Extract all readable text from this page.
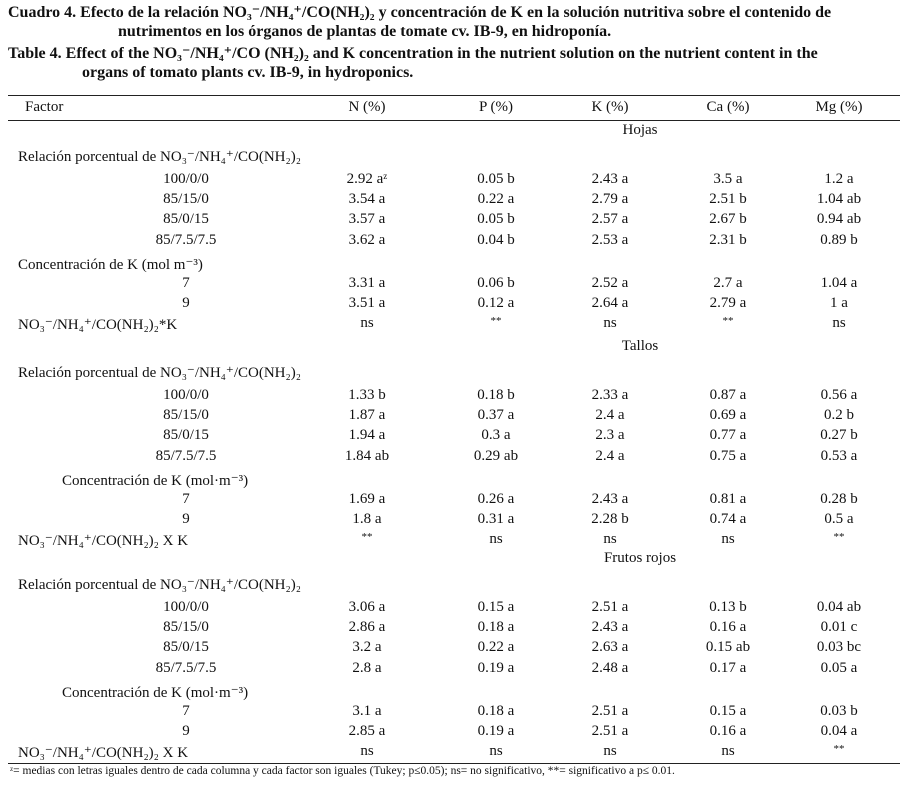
Cuadro 4. Efecto de la relación NO₃⁻/NH₄⁺/CO(NH₂)₂ y concentración de K en la solución nutritiva sobre el contenido de
nutrimentos en los órganos de plantas de tomate cv. IB-9, en hidroponía.
Table 4. Effect of the NO₃⁻/NH₄⁺/CO (NH₂)₂ and K concentration in the nutrient solution on the nutrient content in the
organs of tomato plants cv. IB-9, in hydroponics.
Factor	N (%)	P (%)	K (%)	Ca (%)	Mg (%)
Hojas
Relación porcentual de NO₃⁻/NH₄⁺/CO(NH₂)₂
100/0/0	2.92 aᶻ	0.05 b	2.43 a	3.5 a	1.2 a
85/15/0	3.54 a	0.22 a	2.79 a	2.51 b	1.04 ab
85/0/15	3.57 a	0.05 b	2.57 a	2.67 b	0.94 ab
85/7.5/7.5	3.62 a	0.04 b	2.53 a	2.31 b	0.89 b
Concentración de K (mol m⁻³)
7	3.31 a	0.06 b	2.52 a	2.7 a	1.04 a
9	3.51 a	0.12 a	2.64 a	2.79 a	1 a
NO₃⁻/NH₄⁺/CO(NH₂)₂*K	ns	**	ns	**	ns
Tallos
Relación porcentual de NO₃⁻/NH₄⁺/CO(NH₂)₂
100/0/0	1.33 b	0.18 b	2.33 a	0.87 a	0.56 a
85/15/0	1.87 a	0.37 a	2.4 a	0.69 a	0.2 b
85/0/15	1.94 a	0.3 a	2.3 a	0.77 a	0.27 b
85/7.5/7.5	1.84 ab	0.29 ab	2.4 a	0.75 a	0.53 a
Concentración de K (mol·m⁻³)
7	1.69 a	0.26 a	2.43 a	0.81 a	0.28 b
9	1.8 a	0.31 a	2.28 b	0.74 a	0.5 a
NO₃⁻/NH₄⁺/CO(NH₂)₂ X K	**	ns	ns	ns	**
Frutos rojos
Relación porcentual de NO₃⁻/NH₄⁺/CO(NH₂)₂
100/0/0	3.06 a	0.15 a	2.51 a	0.13 b	0.04 ab
85/15/0	2.86 a	0.18 a	2.43 a	0.16 a	0.01 c
85/0/15	3.2 a	0.22 a	2.63 a	0.15 ab	0.03 bc
85/7.5/7.5	2.8 a	0.19 a	2.48 a	0.17 a	0.05 a
Concentración de K (mol·m⁻³)
7	3.1 a	0.18 a	2.51 a	0.15 a	0.03 b
9	2.85 a	0.19 a	2.51 a	0.16 a	0.04 a
NO₃⁻/NH₄⁺/CO(NH₂)₂ X K	ns	ns	ns	ns	**
ᶻ= medias con letras iguales dentro de cada columna y cada factor son iguales (Tukey; p≤0.05); ns= no significativo, **= significativo a p≤ 0.01.
